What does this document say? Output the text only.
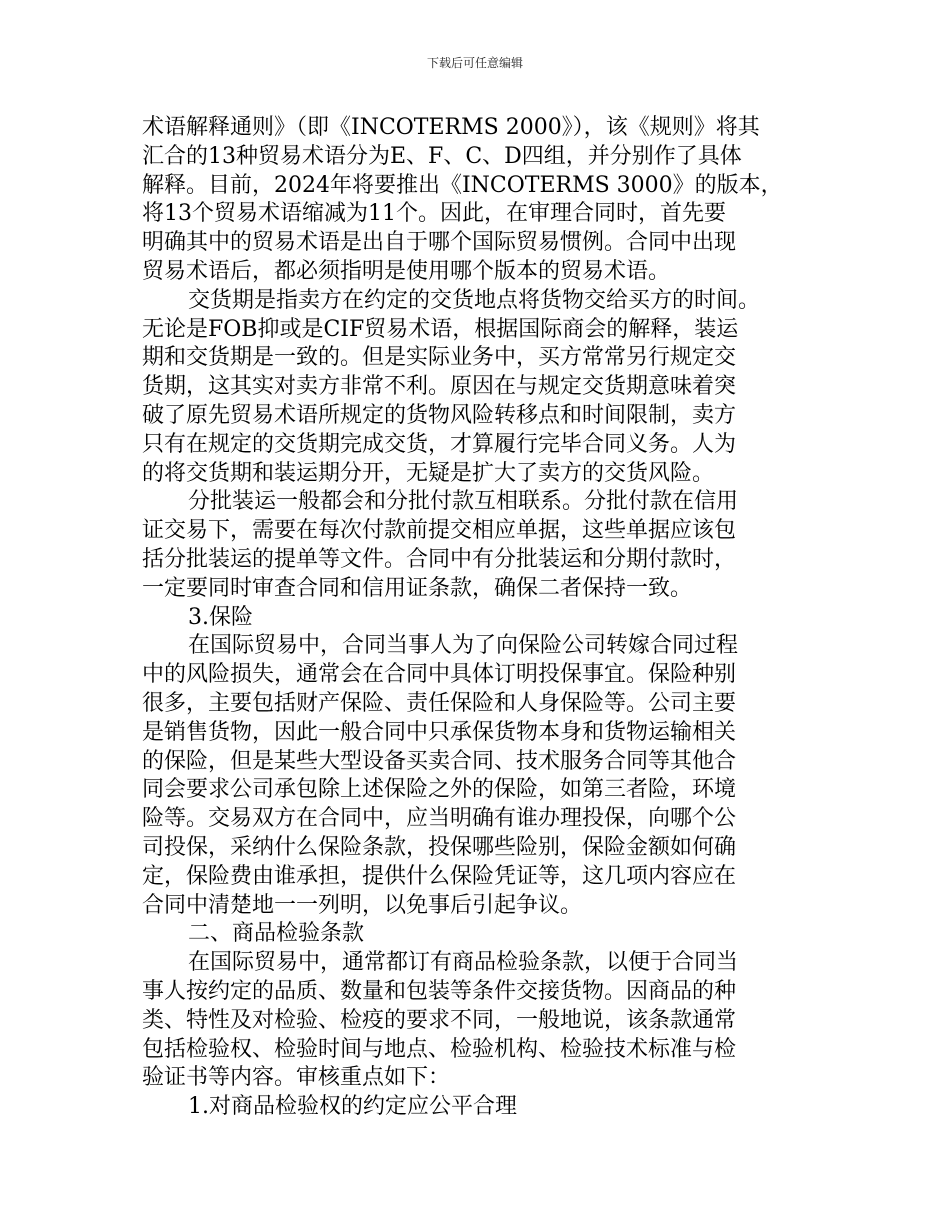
下载后可任意编辑
术语解释通则》（即《INCOTERMS 2000》），该《规则》将其
汇合的13种贸易术语分为E、F、C、D四组，并分别作了具体
解释。目前，2024年将要推出《INCOTERMS 3000》的版本，
将13个贸易术语缩减为11个。因此，在审理合同时，首先要
明确其中的贸易术语是出自于哪个国际贸易惯例。合同中出现
贸易术语后，都必须指明是使用哪个版本的贸易术语。
交货期是指卖方在约定的交货地点将货物交给买方的时间。
无论是FOB抑或是CIF贸易术语，根据国际商会的解释，装运
期和交货期是一致的。但是实际业务中，买方常常另行规定交
货期，这其实对卖方非常不利。原因在与规定交货期意味着突
破了原先贸易术语所规定的货物风险转移点和时间限制，卖方
只有在规定的交货期完成交货，才算履行完毕合同义务。人为
的将交货期和装运期分开，无疑是扩大了卖方的交货风险。
分批装运一般都会和分批付款互相联系。分批付款在信用
证交易下，需要在每次付款前提交相应单据，这些单据应该包
括分批装运的提单等文件。合同中有分批装运和分期付款时，
一定要同时审查合同和信用证条款，确保二者保持一致。
3.保险
在国际贸易中，合同当事人为了向保险公司转嫁合同过程
中的风险损失，通常会在合同中具体订明投保事宜。保险种别
很多，主要包括财产保险、责任保险和人身保险等。公司主要
是销售货物，因此一般合同中只承保货物本身和货物运输相关
的保险，但是某些大型设备买卖合同、技术服务合同等其他合
同会要求公司承包除上述保险之外的保险，如第三者险，环境
险等。交易双方在合同中，应当明确有谁办理投保，向哪个公
司投保，采纳什么保险条款，投保哪些险别，保险金额如何确
定，保险费由谁承担，提供什么保险凭证等，这几项内容应在
合同中清楚地一一列明，以免事后引起争议。
二、商品检验条款
在国际贸易中，通常都订有商品检验条款，以便于合同当
事人按约定的品质、数量和包装等条件交接货物。因商品的种
类、特性及对检验、检疫的要求不同，一般地说，该条款通常
包括检验权、检验时间与地点、检验机构、检验技术标准与检
验证书等内容。审核重点如下：
1.对商品检验权的约定应公平合理
